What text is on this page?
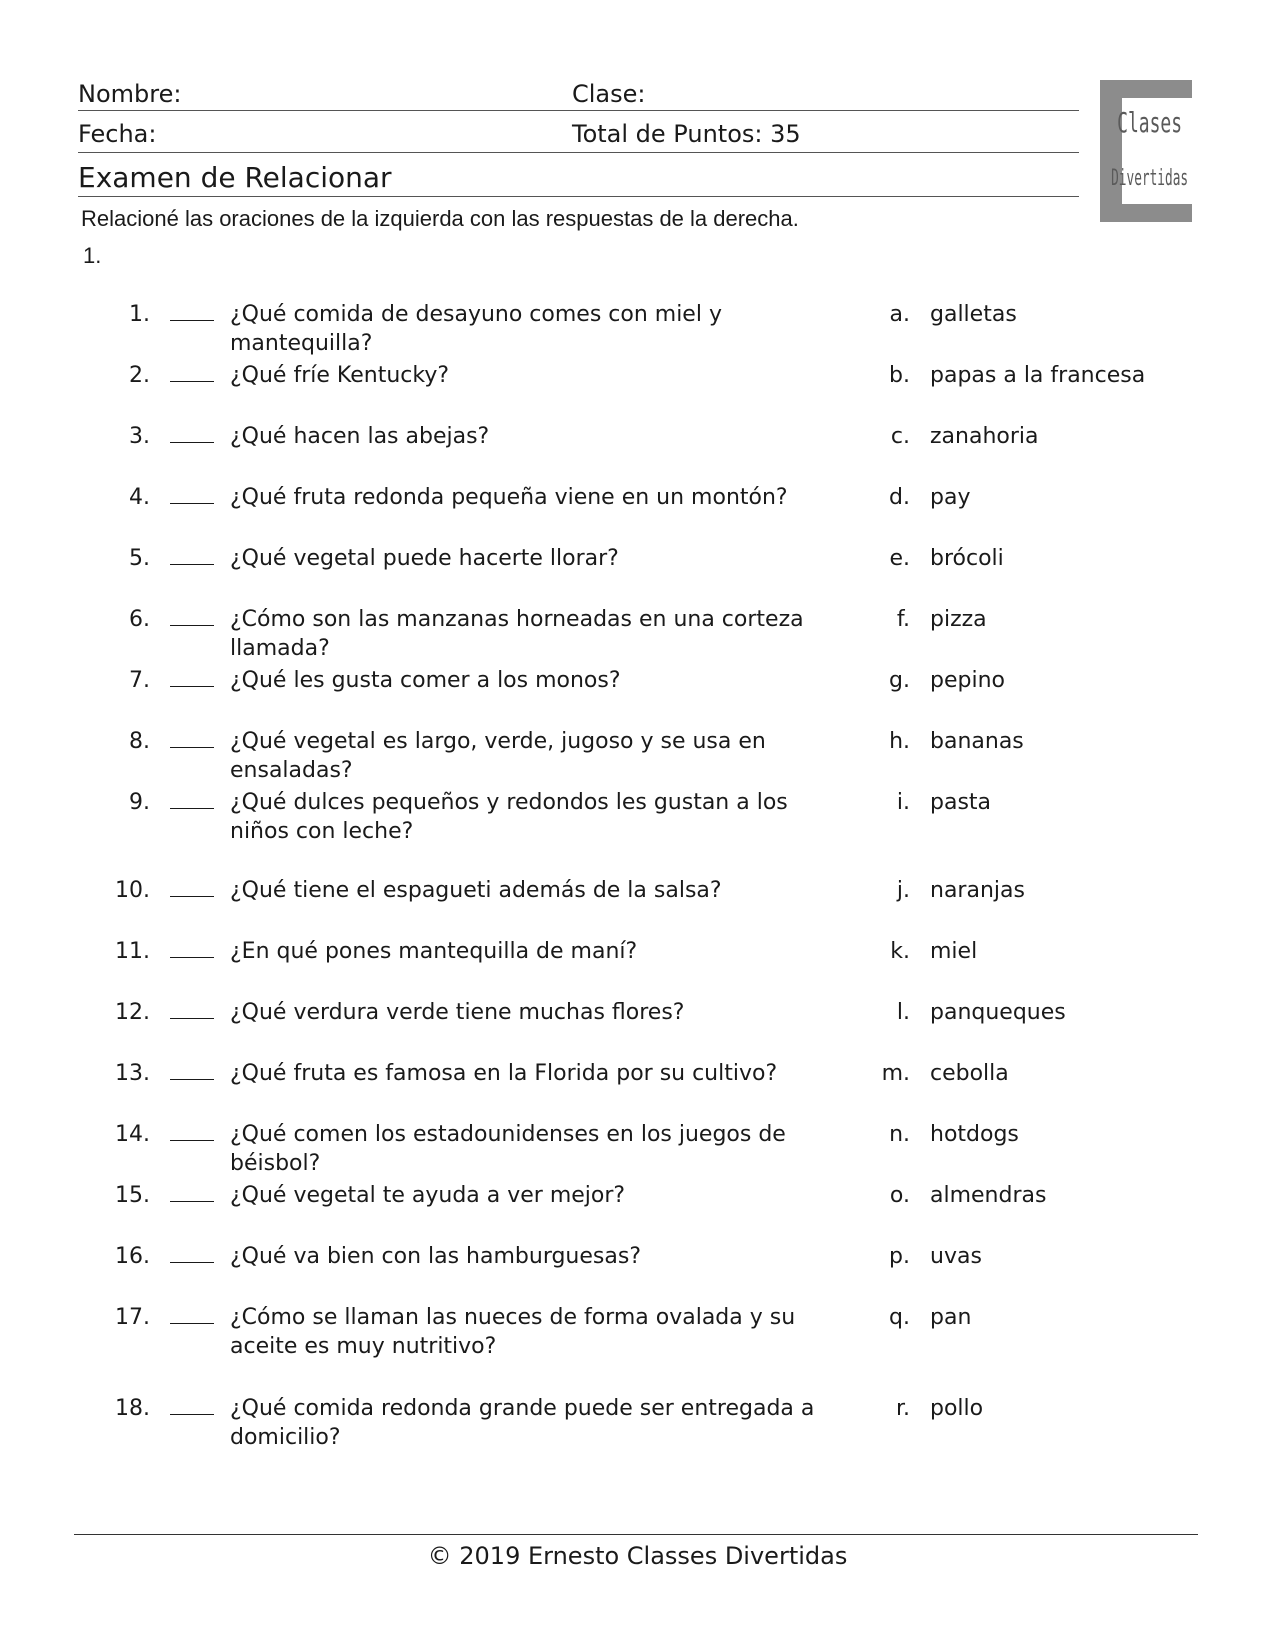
Nombre:	Clase:
Fecha:	Total de Puntos: 35
Examen de Relacionar
Relacioné las oraciones de la izquierda con las respuestas de la derecha.
1.
Clases
Divertidas
1.	¿Qué comida de desayuno comes con miel y mantequilla?
a. galletas
2.	¿Qué fríe Kentucky?	b. papas a la francesa
3.	¿Qué hacen las abejas?	c. zanahoria
4.	¿Qué fruta redonda pequeña viene en un montón?	d. pay
5.	¿Qué vegetal puede hacerte llorar?	e. brócoli
6.	¿Cómo son las manzanas horneadas en una corteza llamada?
f. pizza
7.	¿Qué les gusta comer a los monos?	g. pepino
8.	¿Qué vegetal es largo, verde, jugoso y se usa en ensaladas?
h. bananas
9.	¿Qué dulces pequeños y redondos les gustan a los niños con leche?
i. pasta
10.	¿Qué tiene el espagueti además de la salsa?	j. naranjas
11.	¿En qué pones mantequilla de maní?	k. miel
12.	¿Qué verdura verde tiene muchas flores?	l. panqueques
13.	¿Qué fruta es famosa en la Florida por su cultivo?	m. cebolla
14.	¿Qué comen los estadounidenses en los juegos de béisbol?
n. hotdogs
15.	¿Qué vegetal te ayuda a ver mejor?	o. almendras
16.	¿Qué va bien con las hamburguesas?	p. uvas
17.	¿Cómo se llaman las nueces de forma ovalada y su aceite es muy nutritivo?
q. pan
18.	¿Qué comida redonda grande puede ser entregada a domicilio?
r. pollo
© 2019 Ernesto Classes Divertidas
